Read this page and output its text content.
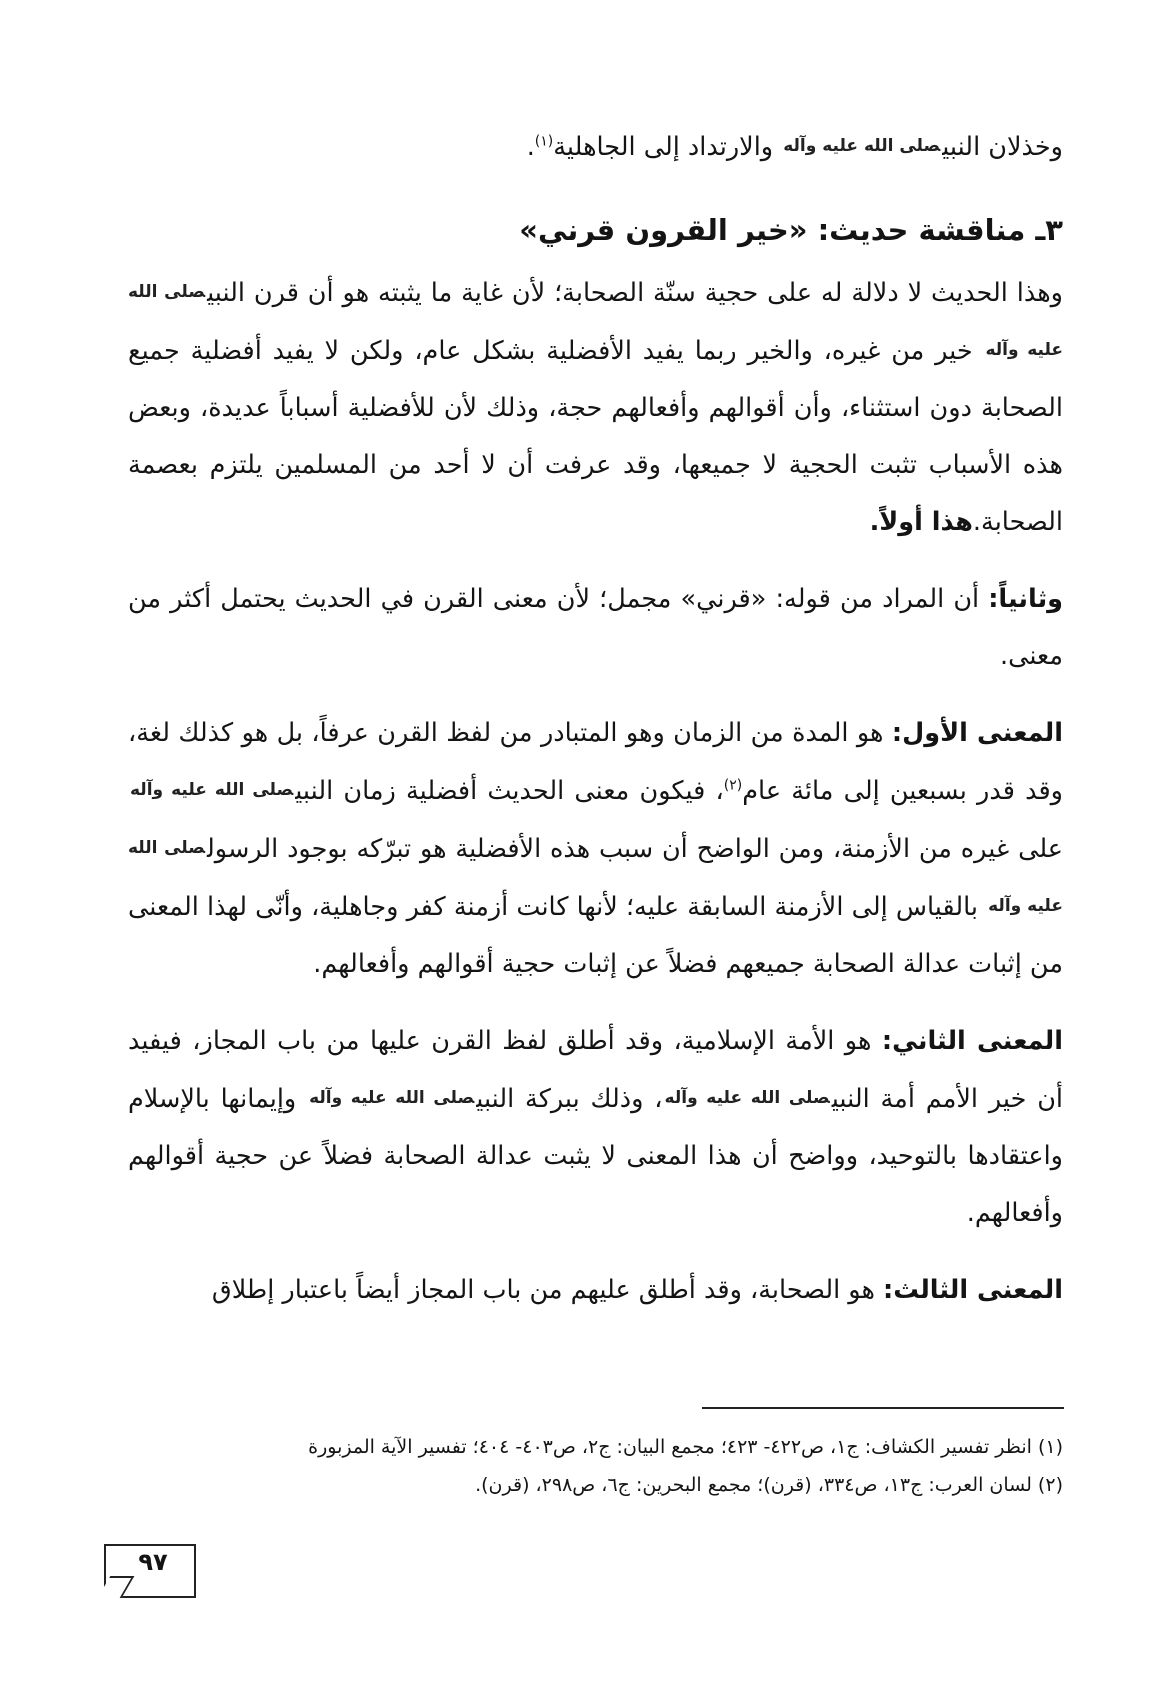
وخذلان النبيصلى الله عليه وآله والارتداد إلى الجاهلية$^{(١)}$.

٣ـ مناقشة حديث: «خير القرون قرني»

وهذا الحديث لا دلالة له على حجية سنّة الصحابة؛ لأن غاية ما يثبته هو أن قرن النبيصلى الله عليه وآله خير من غيره، والخير ربما يفيد الأفضلية بشكل عام، ولكن لا يفيد أفضلية جميع الصحابة دون استثناء، وأن أقوالهم وأفعالهم حجة، وذلك لأن للأفضلية أسباباً عديدة، وبعض هذه الأسباب تثبت الحجية لا جميعها، وقد عرفت أن لا أحد من المسلمين يلتزم بعصمة الصحابة.هذا أولاً.

وثانياً: أن المراد من قوله: «قرني» مجمل؛ لأن معنى القرن في الحديث يحتمل أكثر من معنى.

المعنى الأول: هو المدة من الزمان وهو المتبادر من لفظ القرن عرفاً، بل هو كذلك لغة، وقد قدر بسبعين إلى مائة عام$^{(٢)}$، فيكون معنى الحديث أفضلية زمان النبيصلى الله عليه وآله على غيره من الأزمنة، ومن الواضح أن سبب هذه الأفضلية هو تبرّكه بوجود الرسولصلى الله عليه وآله بالقياس إلى الأزمنة السابقة عليه؛ لأنها كانت أزمنة كفر وجاهلية، وأنّى لهذا المعنى من إثبات عدالة الصحابة جميعهم فضلاً عن إثبات حجية أقوالهم وأفعالهم.

المعنى الثاني: هو الأمة الإسلامية، وقد أطلق لفظ القرن عليها من باب المجاز، فيفيد أن خير الأمم أمة النبيصلى الله عليه وآله، وذلك ببركة النبيصلى الله عليه وآله وإيمانها بالإسلام واعتقادها بالتوحيد، وواضح أن هذا المعنى لا يثبت عدالة الصحابة فضلاً عن حجية أقوالهم وأفعالهم.

المعنى الثالث: هو الصحابة، وقد أطلق عليهم من باب المجاز أيضاً باعتبار إطلاق

(١) انظر تفسير الكشاف: ج١، ص٤٢٢- ٤٢٣؛ مجمع البيان: ج٢، ص٤٠٣- ٤٠٤؛ تفسير الآية المزبورة

(٢) لسان العرب: ج١٣، ص٣٣٤، (قرن)؛ مجمع البحرين: ج٦، ص٢٩٨، (قرن).

٩٧
